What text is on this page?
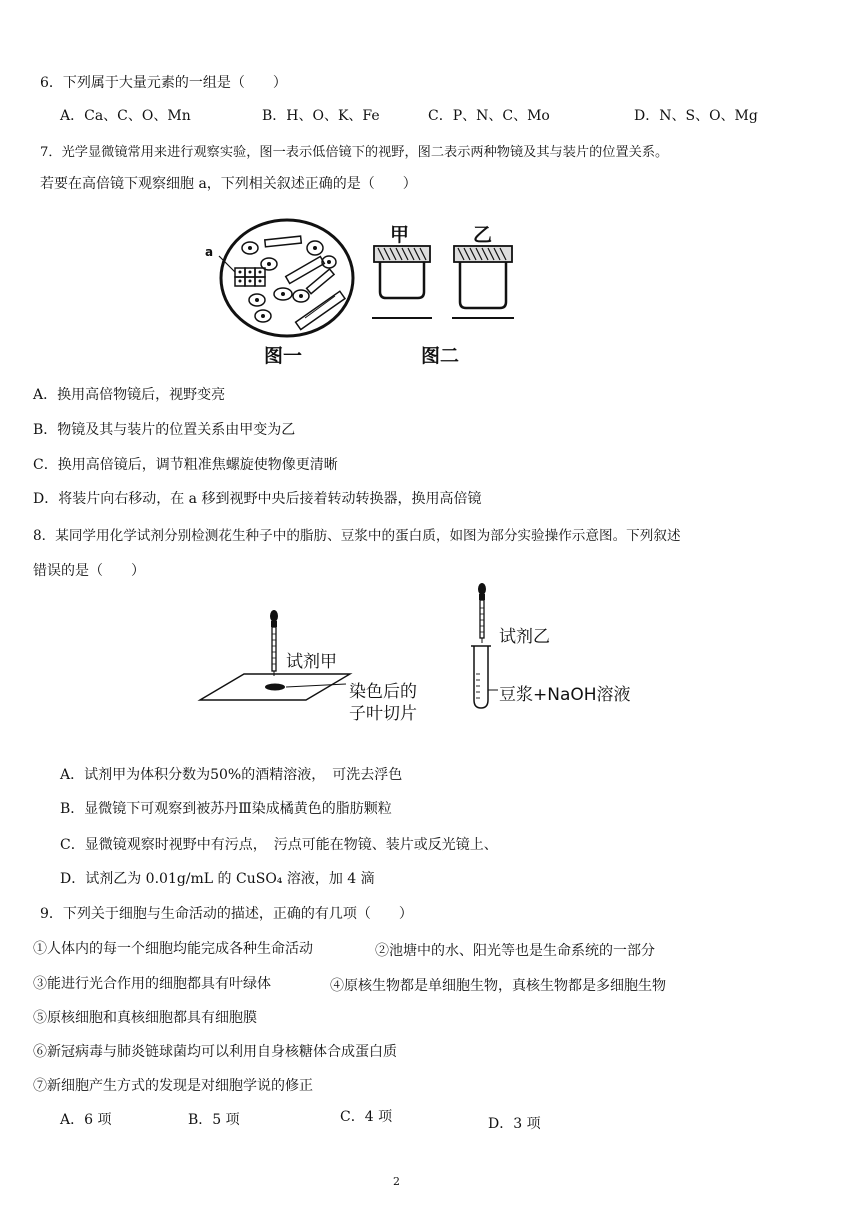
6．下列属于大量元素的一组是（　　）
A．Ca、C、O、Mn	B．H、O、K、Fe	C．P、N、C、Mo	D．N、S、O、Mg
7．光学显微镜常用来进行观察实验，图一表示低倍镜下的视野，图二表示两种物镜及其与装片的位置关系。
若要在高倍镜下观察细胞 a，下列相关叙述正确的是（　　）
a
图一
甲	乙
图二
A．换用高倍物镜后，视野变亮
B．物镜及其与装片的位置关系由甲变为乙
C．换用高倍镜后，调节粗准焦螺旋使物像更清晰
D．将装片向右移动，在 a 移到视野中央后接着转动转换器，换用高倍镜
8．某同学用化学试剂分别检测花生种子中的脂肪、豆浆中的蛋白质，如图为部分实验操作示意图。下列叙述
错误的是（　　）
试剂甲
染色后的
子叶切片
试剂乙
豆浆+NaOH溶液
A．试剂甲为体积分数为50%的酒精溶液，　可洗去浮色
B．显微镜下可观察到被苏丹Ⅲ染成橘黄色的脂肪颗粒
C．显微镜观察时视野中有污点，　污点可能在物镜、装片或反光镜上、
D．试剂乙为 0.01g/mL 的 CuSO₄ 溶液，加 4 滴
9．下列关于细胞与生命活动的描述，正确的有几项（　　）
①人体内的每一个细胞均能完成各种生命活动	②池塘中的水、阳光等也是生命系统的一部分
③能进行光合作用的细胞都具有叶绿体	④原核生物都是单细胞生物，真核生物都是多细胞生物
⑤原核细胞和真核细胞都具有细胞膜
⑥新冠病毒与肺炎链球菌均可以利用自身核糖体合成蛋白质
⑦新细胞产生方式的发现是对细胞学说的修正
A．6 项	B．5 项	C．4 项	D．3 项
2
